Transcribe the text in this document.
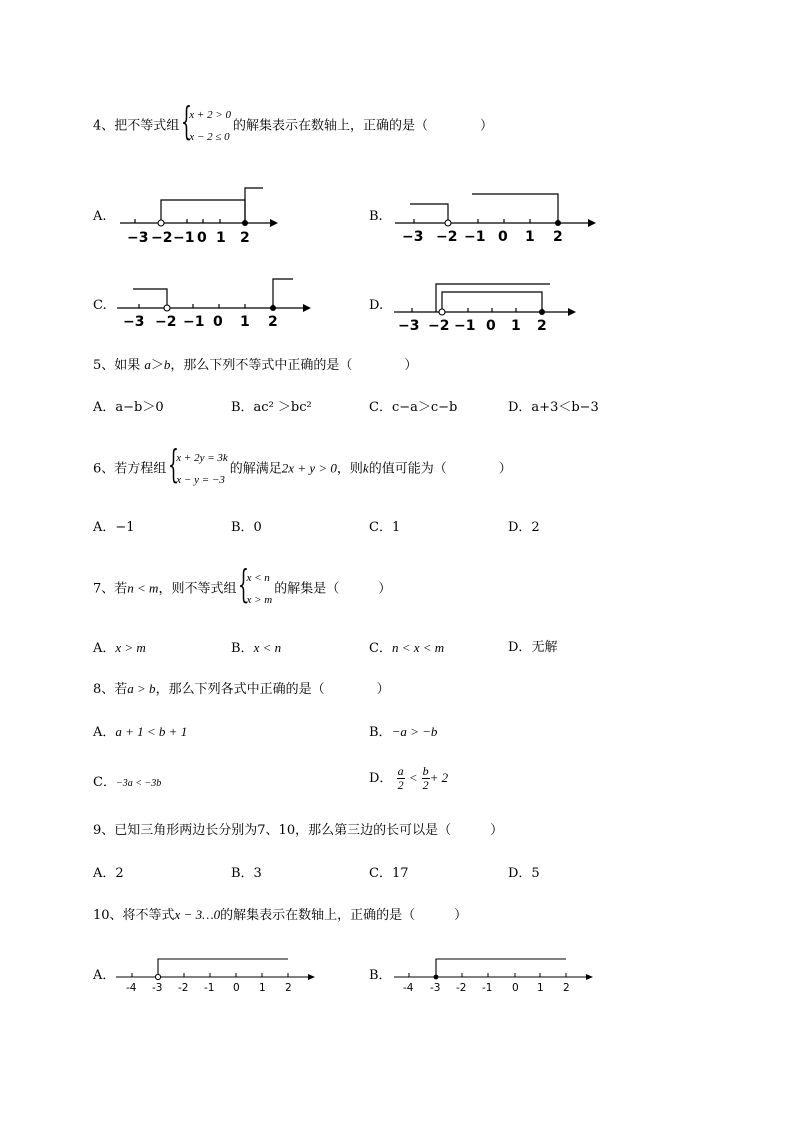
4、把不等式组 {
x + 2 > 0
x − 2 ≤ 0
的解集表示在数轴上，正确的是（　　　　）
A.
−3 −2 −1 0 1 2
B.
−3 −2 −1 0 1 2
C.
−3 −2 −1 0 1 2
D.
−3 −2 −1 0 1 2
5、如果 a＞b，那么下列不等式中正确的是（　　　　）
A．a−b＞0	B．ac² ＞bc²	C．c−a＞c−b	D．a+3＜b−3
6、若方程组 {
x + 2y = 3k
x − y = −3
的解满足2x + y > 0，则k的值可能为（　　　　）
A．−1	B．0	C．1	D．2
7、若n < m，则不等式组 {
x < n
x > m
的解集是（　　　）
A．x > m	B．x < n	C．n < x < m	D．无解
8、若a > b，那么下列各式中正确的是（　　　　）
A．a + 1 < b + 1	B．−a > −b
C．−3a < −3b	D． $\frac{a}{2} < \frac{b}{2} + 2$
9、已知三角形两边长分别为7、10，那么第三边的长可以是（　　　）
A．2	B．3	C．17	D．5
10、将不等式x − 3…0的解集表示在数轴上，正确的是（　　　）
A．
-4 -3 -2 -1 0 1 2
B．
-4 -3 -2 -1 0 1 2
